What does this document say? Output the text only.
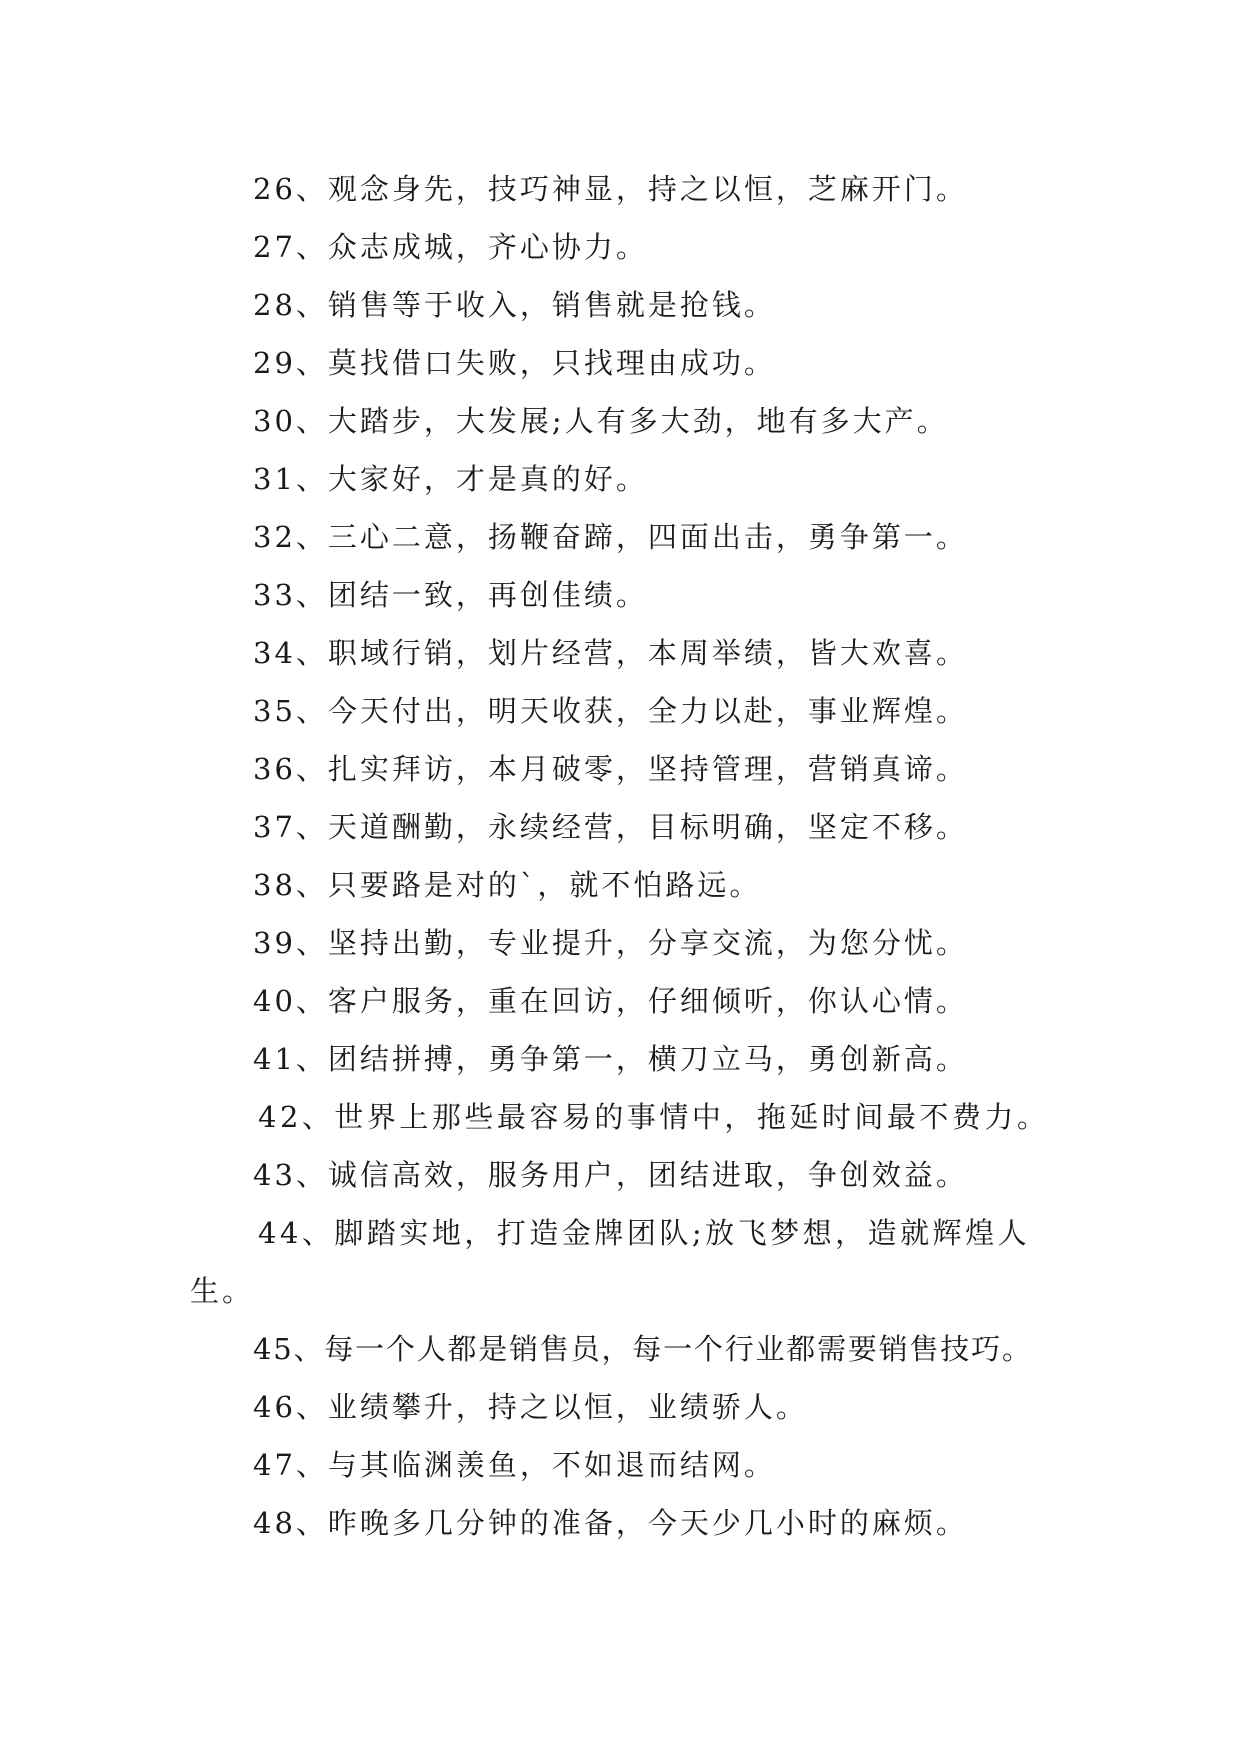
26、观念身先，技巧神显，持之以恒，芝麻开门。
27、众志成城，齐心协力。
28、销售等于收入，销售就是抢钱。
29、莫找借口失败，只找理由成功。
30、大踏步，大发展;人有多大劲，地有多大产。
31、大家好，才是真的好。
32、三心二意，扬鞭奋蹄，四面出击，勇争第一。
33、团结一致，再创佳绩。
34、职域行销，划片经营，本周举绩，皆大欢喜。
35、今天付出，明天收获，全力以赴，事业辉煌。
36、扎实拜访，本月破零，坚持管理，营销真谛。
37、天道酬勤，永续经营，目标明确，坚定不移。
38、只要路是对的`，就不怕路远。
39、坚持出勤，专业提升，分享交流，为您分忧。
40、客户服务，重在回访，仔细倾听，你认心情。
41、团结拼搏，勇争第一，横刀立马，勇创新高。
42、世界上那些最容易的事情中，拖延时间最不费力。
43、诚信高效，服务用户，团结进取，争创效益。
44、脚踏实地，打造金牌团队;放飞梦想，造就辉煌人
生。
45、每一个人都是销售员，每一个行业都需要销售技巧。
46、业绩攀升，持之以恒，业绩骄人。
47、与其临渊羡鱼，不如退而结网。
48、昨晚多几分钟的准备，今天少几小时的麻烦。
